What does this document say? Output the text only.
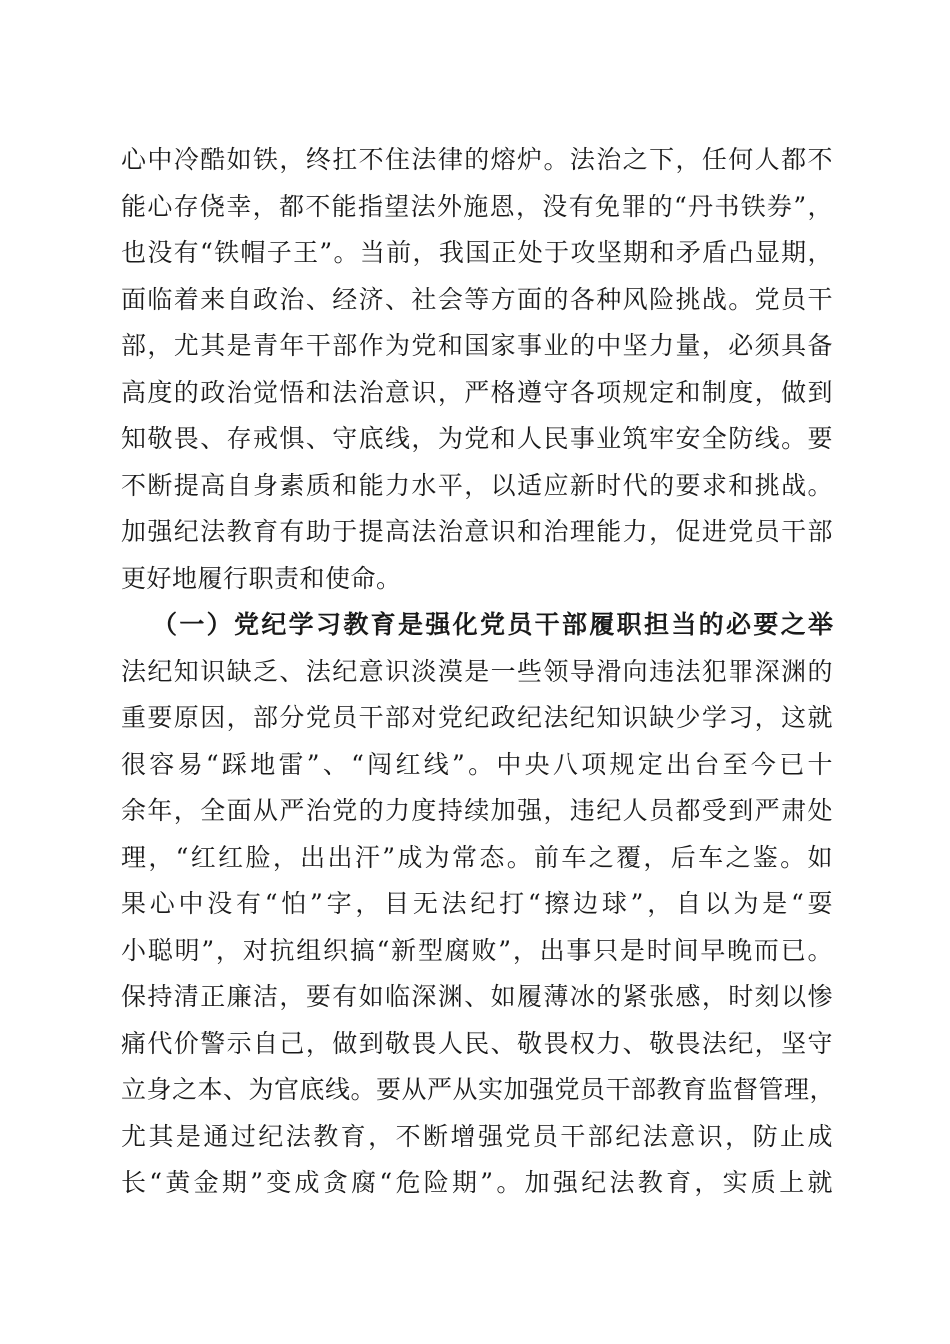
心中冷酷如铁，终扛不住法律的熔炉。法治之下，任何人都不
能心存侥幸，都不能指望法外施恩，没有免罪的“丹书铁券”，
也没有“铁帽子王”。当前，我国正处于攻坚期和矛盾凸显期，
面临着来自政治、经济、社会等方面的各种风险挑战。党员干
部，尤其是青年干部作为党和国家事业的中坚力量，必须具备
高度的政治觉悟和法治意识，严格遵守各项规定和制度，做到
知敬畏、存戒惧、守底线，为党和人民事业筑牢安全防线。要
不断提高自身素质和能力水平，以适应新时代的要求和挑战。
加强纪法教育有助于提高法治意识和治理能力，促进党员干部
更好地履行职责和使命。
（一）党纪学习教育是强化党员干部履职担当的必要之举
法纪知识缺乏、法纪意识淡漠是一些领导滑向违法犯罪深渊的
重要原因，部分党员干部对党纪政纪法纪知识缺少学习，这就
很容易“踩地雷”、“闯红线”。中央八项规定出台至今已十
余年，全面从严治党的力度持续加强，违纪人员都受到严肃处
理，“红红脸，出出汗”成为常态。前车之覆，后车之鉴。如
果心中没有“怕”字，目无法纪打“擦边球”，自以为是“耍
小聪明”，对抗组织搞“新型腐败”，出事只是时间早晚而已。
保持清正廉洁，要有如临深渊、如履薄冰的紧张感，时刻以惨
痛代价警示自己，做到敬畏人民、敬畏权力、敬畏法纪，坚守
立身之本、为官底线。要从严从实加强党员干部教育监督管理，
尤其是通过纪法教育，不断增强党员干部纪法意识，防止成
长“黄金期”变成贪腐“危险期”。加强纪法教育，实质上就
